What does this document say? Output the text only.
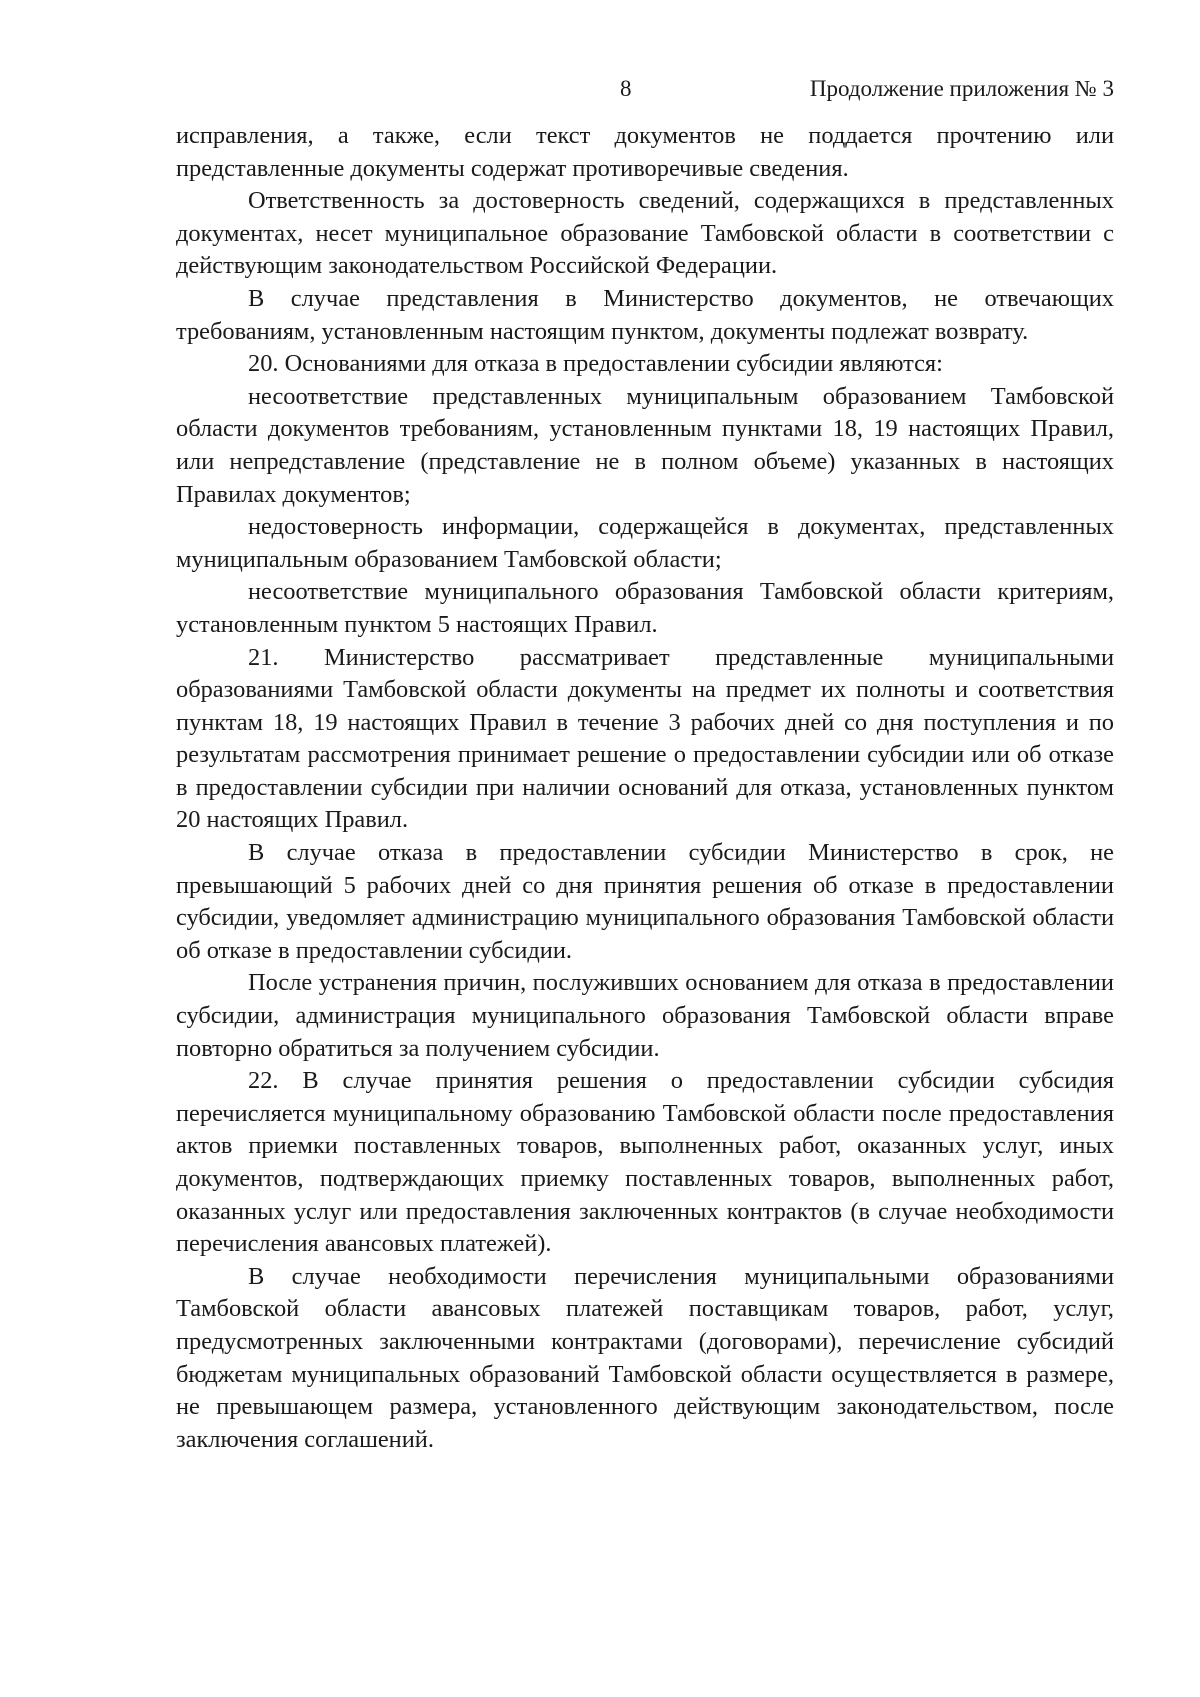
8	Продолжение приложения № 3

исправления, а также, если текст документов не поддается прочтению или представленные документы содержат противоречивые сведения.

Ответственность за достоверность сведений, содержащихся в представленных документах, несет муниципальное образование Тамбовской области в соответствии с действующим законодательством Российской Федерации.

В случае представления в Министерство документов, не отвечающих требованиям, установленным настоящим пунктом, документы подлежат возврату.

20. Основаниями для отказа в предоставлении субсидии являются:

несоответствие представленных муниципальным образованием Тамбовской области документов требованиям, установленным пунктами 18, 19 настоящих Правил, или непредставление (представление не в полном объеме) указанных в настоящих Правилах документов;

недостоверность информации, содержащейся в документах, представленных муниципальным образованием Тамбовской области;

несоответствие муниципального образования Тамбовской области критериям, установленным пунктом 5 настоящих Правил.

21. Министерство рассматривает представленные муниципальными образованиями Тамбовской области документы на предмет их полноты и соответствия пунктам 18, 19 настоящих Правил в течение 3 рабочих дней со дня поступления и по результатам рассмотрения принимает решение о предоставлении субсидии или об отказе в предоставлении субсидии при наличии оснований для отказа, установленных пунктом 20 настоящих Правил.

В случае отказа в предоставлении субсидии Министерство в срок, не превышающий 5 рабочих дней со дня принятия решения об отказе в предоставлении субсидии, уведомляет администрацию муниципального образования Тамбовской области об отказе в предоставлении субсидии.

После устранения причин, послуживших основанием для отказа в предоставлении субсидии, администрация муниципального образования Тамбовской области вправе повторно обратиться за получением субсидии.

22. В случае принятия решения о предоставлении субсидии субсидия перечисляется муниципальному образованию Тамбовской области после предоставления актов приемки поставленных товаров, выполненных работ, оказанных услуг, иных документов, подтверждающих приемку поставленных товаров, выполненных работ, оказанных услуг или предоставления заключенных контрактов (в случае необходимости перечисления авансовых платежей).

В случае необходимости перечисления муниципальными образованиями Тамбовской области авансовых платежей поставщикам товаров, работ, услуг, предусмотренных заключенными контрактами (договорами), перечисление субсидий бюджетам муниципальных образований Тамбовской области осуществляется в размере, не превышающем размера, установленного действующим законодательством, после заключения соглашений.
